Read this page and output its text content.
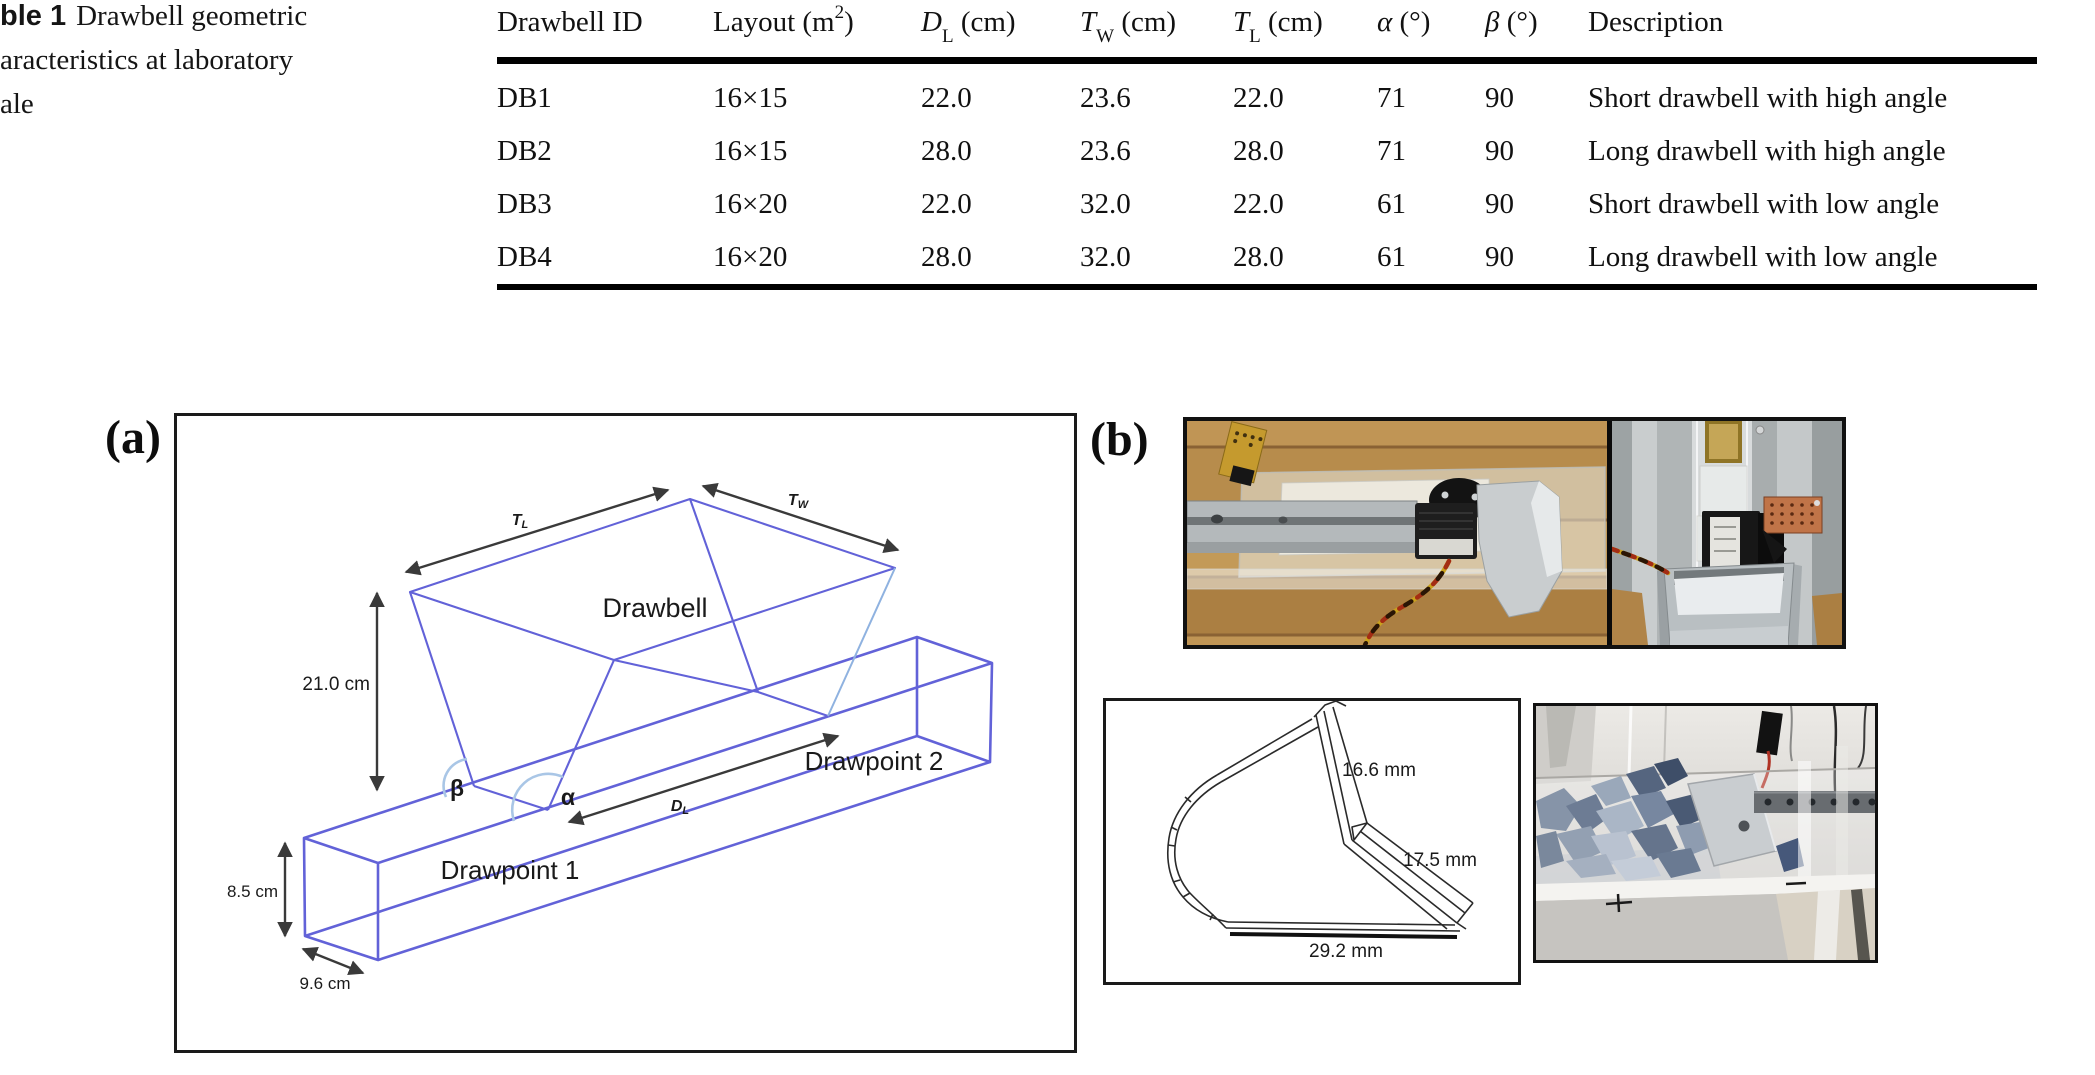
ble 1 Drawbell geometric
aracteristics at laboratory
ale
Drawbell ID	Layout $(m^2)$	$D_L$ (cm)	$T_W$ (cm)	$T_L$ (cm)	α (°)	β (°)	Description
DB1	16×15	22.0	23.6	22.0	71	90	Short drawbell with high angle
DB2	16×15	28.0	23.6	28.0	71	90	Long drawbell with high angle
DB3	16×20	22.0	32.0	22.0	61	90	Short drawbell with low angle
DB4	16×20	28.0	32.0	28.0	61	90	Long drawbell with low angle
(a)	(b)
Drawbell
Drawpoint 2
Drawpoint 1
21.0 cm
8.5 cm
9.6 cm
TL
TW
DL
β	α
16.6 mm
17.5 mm
29.2 mm
